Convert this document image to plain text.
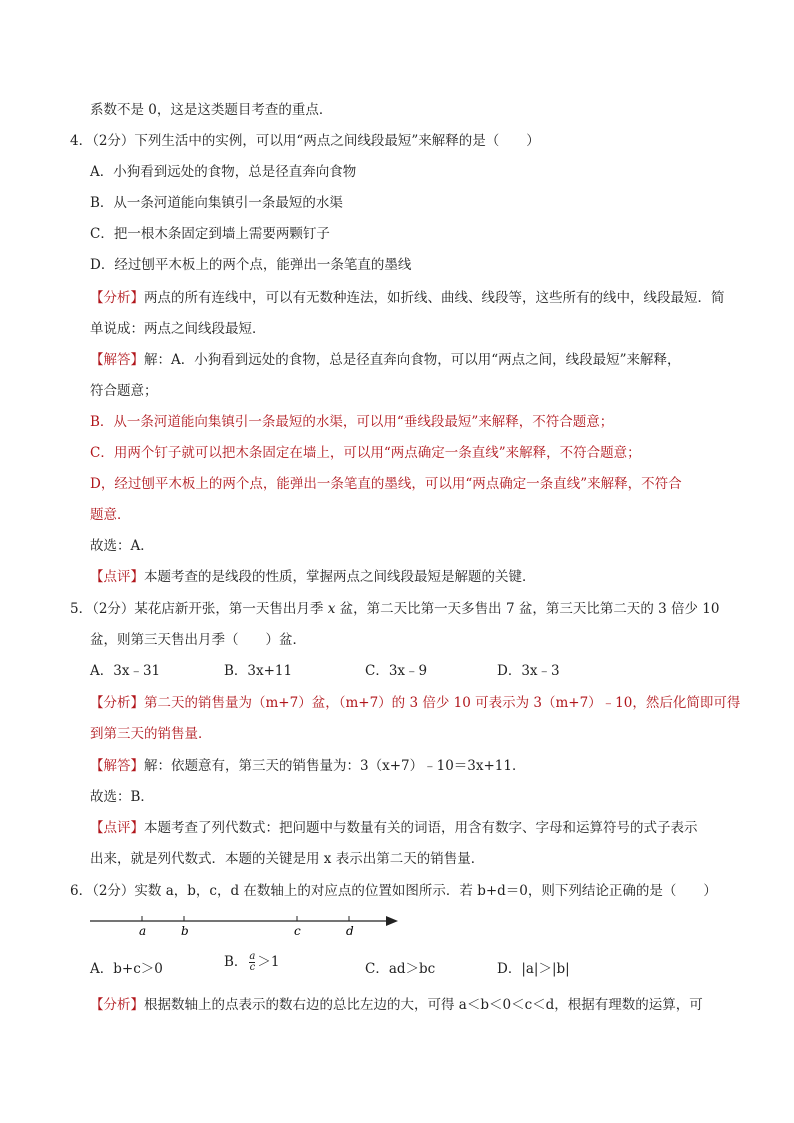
系数不是 0，这是这类题目考查的重点．
4．（2分）下列生活中的实例，可以用“两点之间线段最短”来解释的是（　　）
A．小狗看到远处的食物，总是径直奔向食物
B．从一条河道能向集镇引一条最短的水渠
C．把一根木条固定到墙上需要两颗钉子
D．经过刨平木板上的两个点，能弹出一条笔直的墨线
【分析】两点的所有连线中，可以有无数种连法，如折线、曲线、线段等，这些所有的线中，线段最短．简
单说成：两点之间线段最短．
【解答】解：A．小狗看到远处的食物，总是径直奔向食物，可以用“两点之间，线段最短”来解释，
符合题意；
B．从一条河道能向集镇引一条最短的水渠，可以用“垂线段最短”来解释，不符合题意；
C．用两个钉子就可以把木条固定在墙上，可以用“两点确定一条直线”来解释，不符合题意；
D，经过刨平木板上的两个点，能弹出一条笔直的墨线，可以用“两点确定一条直线”来解释，不符合
题意．
故选：A．
【点评】本题考查的是线段的性质，掌握两点之间线段最短是解题的关键．
5．（2分）某花店新开张，第一天售出月季 x 盆，第二天比第一天多售出 7 盆，第三天比第二天的 3 倍少 10
盆，则第三天售出月季（　　）盆．
A．3x﹣31	B．3x+11	C．3x﹣9	D．3x﹣3
【分析】第二天的销售量为（m+7）盆，（m+7）的 3 倍少 10 可表示为 3（m+7）﹣10，然后化简即可得
到第三天的销售量．
【解答】解：依题意有，第三天的销售量为：3（x+7）﹣10＝3x+11．
故选：B．
【点评】本题考查了列代数式：把问题中与数量有关的词语，用含有数字、字母和运算符号的式子表示
出来，就是列代数式．本题的关键是用 x 表示出第二天的销售量．
6．（2分）实数 a，b，c，d 在数轴上的对应点的位置如图所示．若 b+d＝0，则下列结论正确的是（　　）
a	b	c	d
A．b+c＞0	B． $\frac{a}{c} >1$	C．ad＞bc	D．|a|＞|b|
【分析】根据数轴上的点表示的数右边的总比左边的大，可得 a＜b＜0＜c＜d，根据有理数的运算，可
